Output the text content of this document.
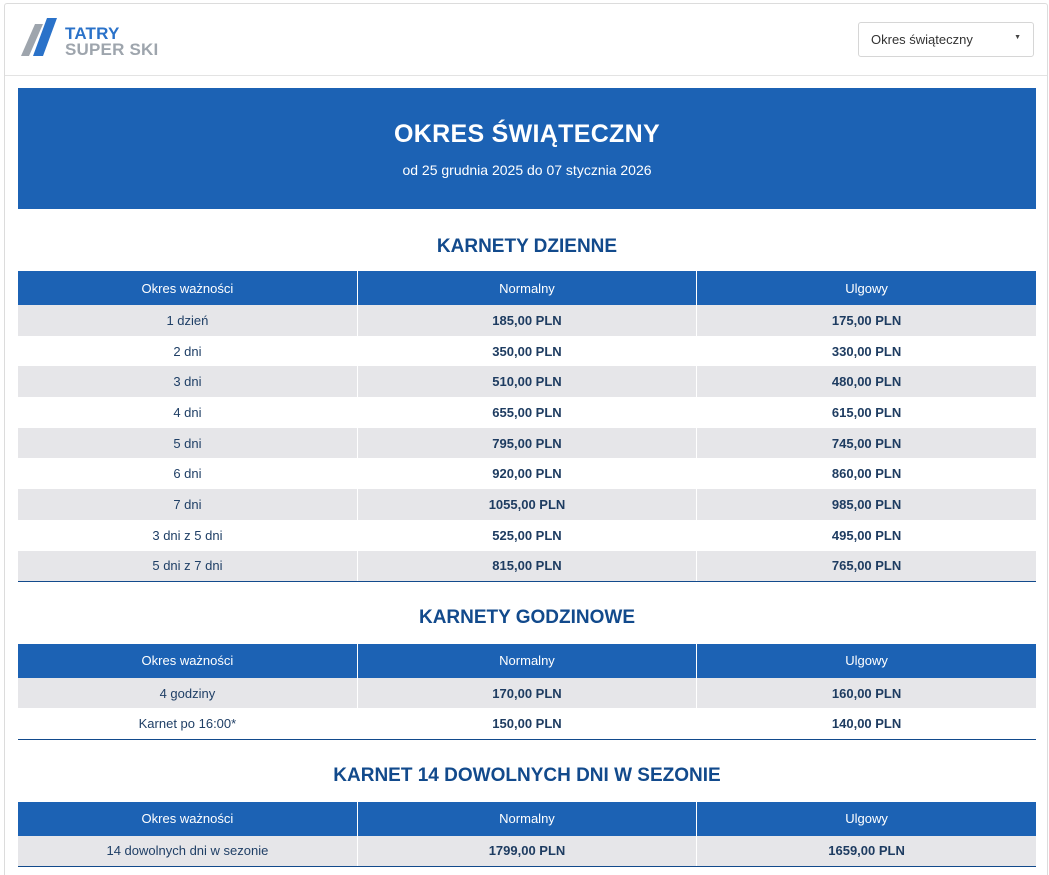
TATRY
SUPER SKI
Okres świąteczny	▼
OKRES ŚWIĄTECZNY

od 25 grudnia 2025 do 07 stycznia 2026

KARNETY DZIENNE
Okres ważności	Normalny	Ulgowy
1 dzień	185,00 PLN	175,00 PLN
2 dni	350,00 PLN	330,00 PLN
3 dni	510,00 PLN	480,00 PLN
4 dni	655,00 PLN	615,00 PLN
5 dni	795,00 PLN	745,00 PLN
6 dni	920,00 PLN	860,00 PLN
7 dni	1055,00 PLN	985,00 PLN
3 dni z 5 dni	525,00 PLN	495,00 PLN
5 dni z 7 dni	815,00 PLN	765,00 PLN
KARNETY GODZINOWE
Okres ważności	Normalny	Ulgowy
4 godziny	170,00 PLN	160,00 PLN
Karnet po 16:00*	150,00 PLN	140,00 PLN
KARNET 14 DOWOLNYCH DNI W SEZONIE
Okres ważności	Normalny	Ulgowy
14 dowolnych dni w sezonie	1799,00 PLN	1659,00 PLN
